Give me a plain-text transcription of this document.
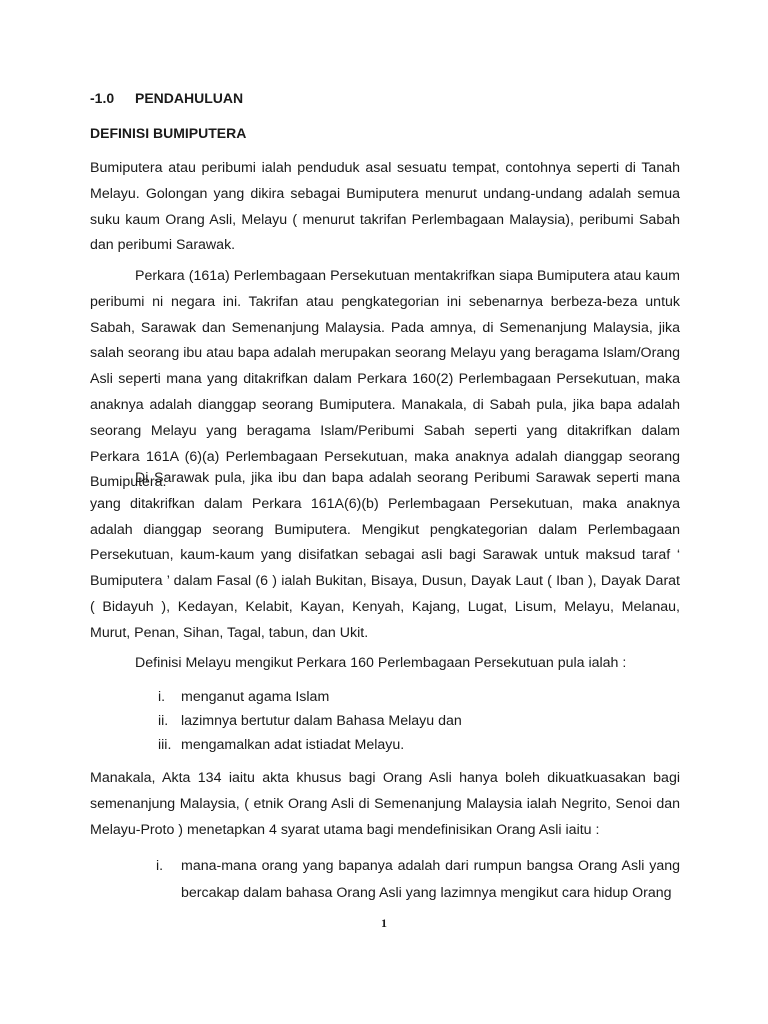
-1.0 PENDAHULUAN
DEFINISI BUMIPUTERA

Bumiputera atau peribumi ialah penduduk asal sesuatu tempat, contohnya seperti di Tanah Melayu. Golongan yang dikira sebagai Bumiputera menurut undang-undang adalah semua suku kaum Orang Asli, Melayu ( menurut takrifan Perlembagaan Malaysia), peribumi Sabah dan peribumi Sarawak.

Perkara (161a) Perlembagaan Persekutuan mentakrifkan siapa Bumiputera atau kaum peribumi ni negara ini. Takrifan atau pengkategorian ini sebenarnya berbeza-beza untuk Sabah, Sarawak dan Semenanjung Malaysia. Pada amnya, di Semenanjung Malaysia, jika salah seorang ibu atau bapa adalah merupakan seorang Melayu yang beragama Islam/Orang Asli seperti mana yang ditakrifkan dalam Perkara 160(2) Perlembagaan Persekutuan, maka anaknya adalah dianggap seorang Bumiputera. Manakala, di Sabah pula, jika bapa adalah seorang Melayu yang beragama Islam/Peribumi Sabah seperti yang ditakrifkan dalam Perkara 161A (6)(a) Perlembagaan Persekutuan, maka anaknya adalah dianggap seorang Bumiputera.

Di Sarawak pula, jika ibu dan bapa adalah seorang Peribumi Sarawak seperti mana yang ditakrifkan dalam Perkara 161A(6)(b) Perlembagaan Persekutuan, maka anaknya adalah dianggap seorang Bumiputera. Mengikut pengkategorian dalam Perlembagaan Persekutuan, kaum-kaum yang disifatkan sebagai asli bagi Sarawak untuk maksud taraf ‘ Bumiputera ’ dalam Fasal (6 ) ialah Bukitan, Bisaya, Dusun, Dayak Laut ( Iban ), Dayak Darat ( Bidayuh ), Kedayan, Kelabit, Kayan, Kenyah, Kajang, Lugat, Lisum, Melayu, Melanau, Murut, Penan, Sihan, Tagal, tabun, dan Ukit.

Definisi Melayu mengikut Perkara 160 Perlembagaan Persekutuan pula ialah :
i.	menganut agama Islam
ii. lazimnya bertutur dalam Bahasa Melayu dan
iii. mengamalkan adat istiadat Melayu.

Manakala, Akta 134 iaitu akta khusus bagi Orang Asli hanya boleh dikuatkuasakan bagi semenanjung Malaysia, ( etnik Orang Asli di Semenanjung Malaysia ialah Negrito, Senoi dan Melayu-Proto ) menetapkan 4 syarat utama bagi mendefinisikan Orang Asli iaitu :

i. mana-mana orang yang bapanya adalah dari rumpun bangsa Orang Asli yang bercakap dalam bahasa Orang Asli yang lazimnya mengikut cara hidup Orang
1
